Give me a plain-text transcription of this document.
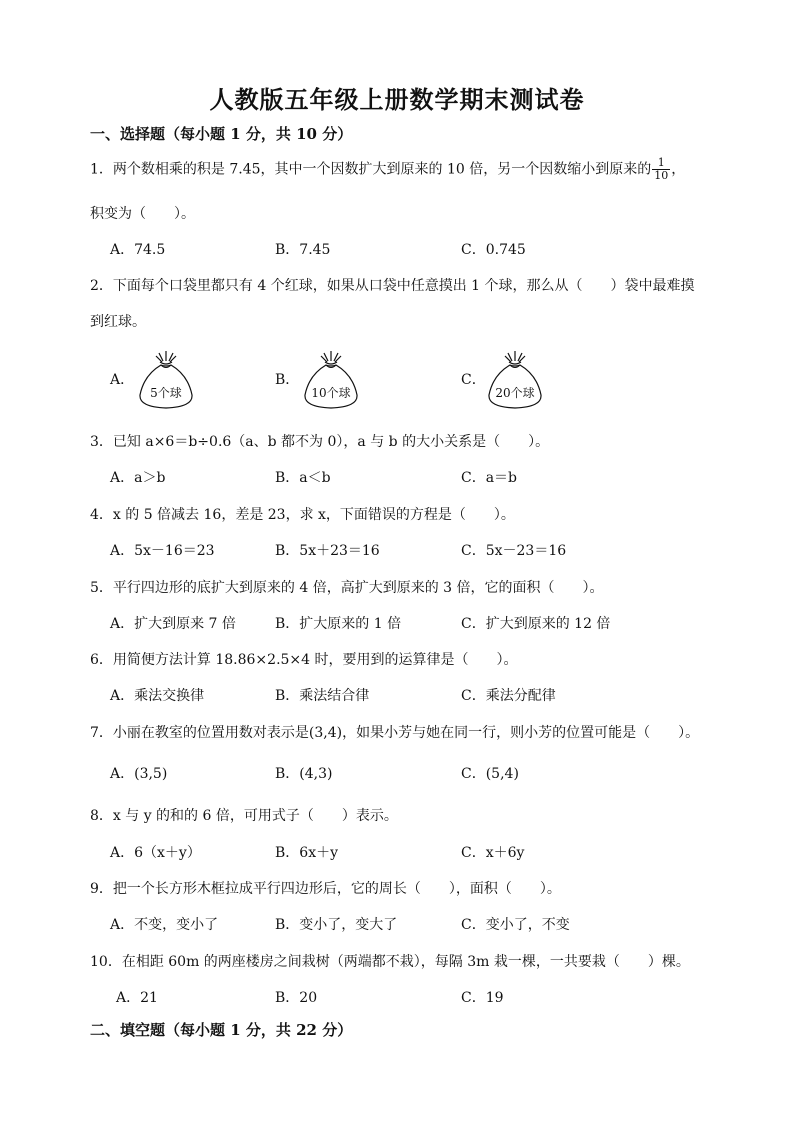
人教版五年级上册数学期末测试卷
一、选择题（每小题 1 分，共 10 分）
1．两个数相乘的积是 7.45，其中一个因数扩大到原来的 10 倍，另一个因数缩小到原来的 $\frac{1}{10}$ ，
积变为（　　）。
A．74.5	B．7.45	C．0.745
2．下面每个口袋里都只有 4 个红球，如果从口袋中任意摸出 1 个球，那么从（　　）袋中最难摸
到红球。
A．
5个球
B．
10个球
C．
20个球
3．已知 a×6＝b÷0.6（a、b 都不为 0），a 与 b 的大小关系是（　　）。
A．a＞b	B．a＜b	C．a＝b
4．x 的 5 倍减去 16，差是 23，求 x，下面错误的方程是（　　）。
A．5x－16＝23	B．5x＋23＝16	C．5x－23＝16
5．平行四边形的底扩大到原来的 4 倍，高扩大到原来的 3 倍，它的面积（　　）。
A．扩大到原来 7 倍	B．扩大原来的 1 倍	C．扩大到原来的 12 倍
6．用简便方法计算 18.86×2.5×4 时，要用到的运算律是（　　）。
A．乘法交换律	B．乘法结合律	C．乘法分配律
7．小丽在教室的位置用数对表示是(3,4)，如果小芳与她在同一行，则小芳的位置可能是（　　）。
A．(3,5)	B．(4,3)	C．(5,4)
8．x 与 y 的和的 6 倍，可用式子（　　）表示。
A．6（x＋y）	B．6x＋y	C．x＋6y
9．把一个长方形木框拉成平行四边形后，它的周长（　　），面积（　　）。
A．不变，变小了	B．变小了，变大了	C．变小了，不变
10．在相距 60m 的两座楼房之间栽树（两端都不栽），每隔 3m 栽一棵，一共要栽（　　）棵。
A．21	B．20	C．19
二、填空题（每小题 1 分，共 22 分）
